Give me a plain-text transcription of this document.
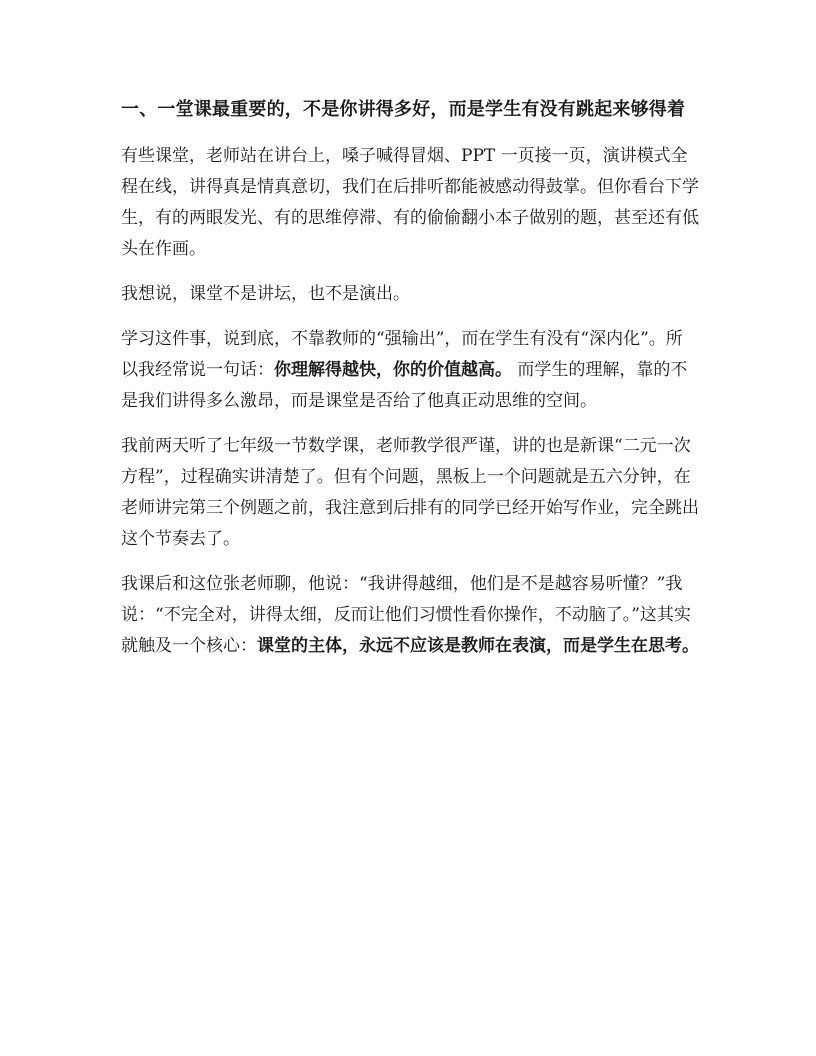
一、一堂课最重要的，不是你讲得多好，而是学生有没有跳起来够得着

有些课堂，老师站在讲台上，嗓子喊得冒烟、PPT 一页接一页，演讲模式全程在线，讲得真是情真意切，我们在后排听都能被感动得鼓掌。但你看台下学生，有的两眼发光、有的思维停滞、有的偷偷翻小本子做别的题，甚至还有低头在作画。

我想说，课堂不是讲坛，也不是演出。

学习这件事，说到底，不靠教师的“强输出”，而在学生有没有“深内化”。所以我经常说一句话：你理解得越快，你的价值越高。 而学生的理解，靠的不是我们讲得多么激昂，而是课堂是否给了他真正动思维的空间。

我前两天听了七年级一节数学课，老师教学很严谨，讲的也是新课“二元一次方程”，过程确实讲清楚了。但有个问题，黑板上一个问题就是五六分钟，在老师讲完第三个例题之前，我注意到后排有的同学已经开始写作业，完全跳出这个节奏去了。

我课后和这位张老师聊，他说：“我讲得越细，他们是不是越容易听懂？”我说：“不完全对，讲得太细，反而让他们习惯性看你操作，不动脑了。”这其实就触及一个核心：课堂的主体，永远不应该是教师在表演，而是学生在思考。
